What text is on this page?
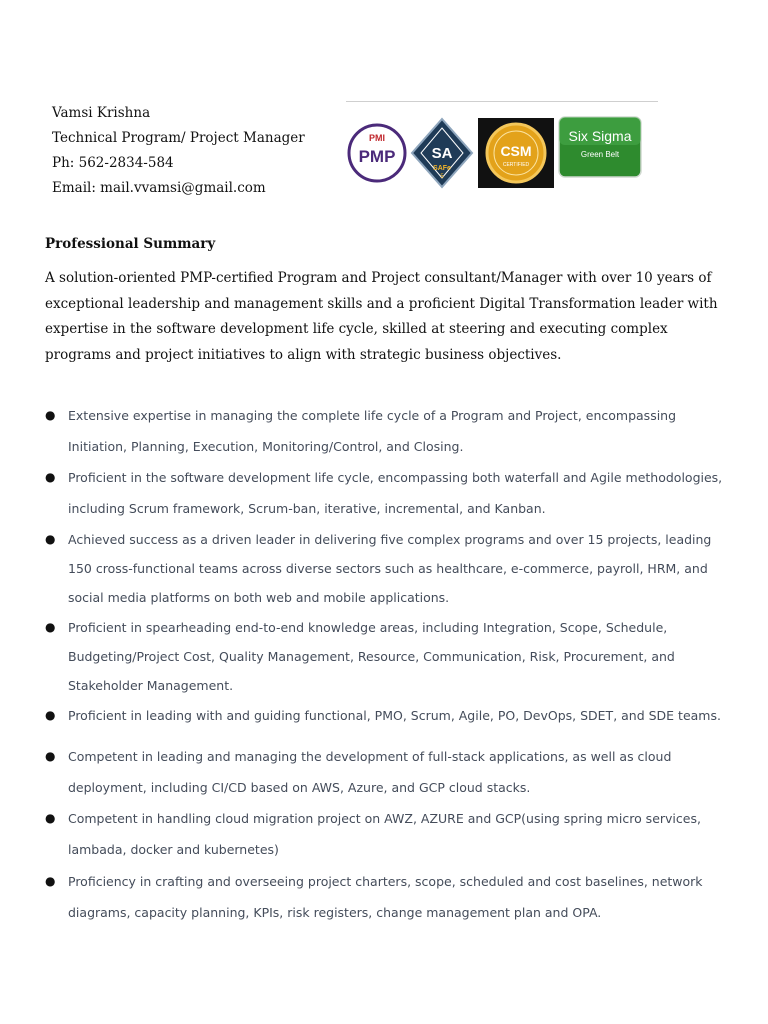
Vamsi Krishna
Technical Program/ Project Manager
Ph: 562-2834-584
Email: mail.vvamsi@gmail.com
PMI
PMP SA
SAFe
5
CSM
CERTIFIED
Six Sigma
Green Belt
Professional Summary
A solution-oriented PMP-certified Program and Project consultant/Manager with over 10 years of exceptional leadership and management skills and a proficient Digital Transformation leader with expertise in the software development life cycle, skilled at steering and executing complex programs and project initiatives to align with strategic business objectives.
● Extensive expertise in managing the complete life cycle of a Program and Project, encompassing Initiation, Planning, Execution, Monitoring/Control, and Closing.
● Proficient in the software development life cycle, encompassing both waterfall and Agile methodologies, including Scrum framework, Scrum-ban, iterative, incremental, and Kanban.
● Achieved success as a driven leader in delivering five complex programs and over 15 projects, leading 150 cross-functional teams across diverse sectors such as healthcare, e-commerce, payroll, HRM, and social media platforms on both web and mobile applications.
● Proficient in spearheading end-to-end knowledge areas, including Integration, Scope, Schedule, Budgeting/Project Cost, Quality Management, Resource, Communication, Risk, Procurement, and Stakeholder Management.
● Proficient in leading with and guiding functional, PMO, Scrum, Agile, PO, DevOps, SDET, and SDE teams.
● Competent in leading and managing the development of full-stack applications, as well as cloud deployment, including CI/CD based on AWS, Azure, and GCP cloud stacks.
● Competent in handling cloud migration project on AWZ, AZURE and GCP(using spring micro services, lambada, docker and kubernetes)
● Proficiency in crafting and overseeing project charters, scope, scheduled and cost baselines, network diagrams, capacity planning, KPIs, risk registers, change management plan and OPA.
